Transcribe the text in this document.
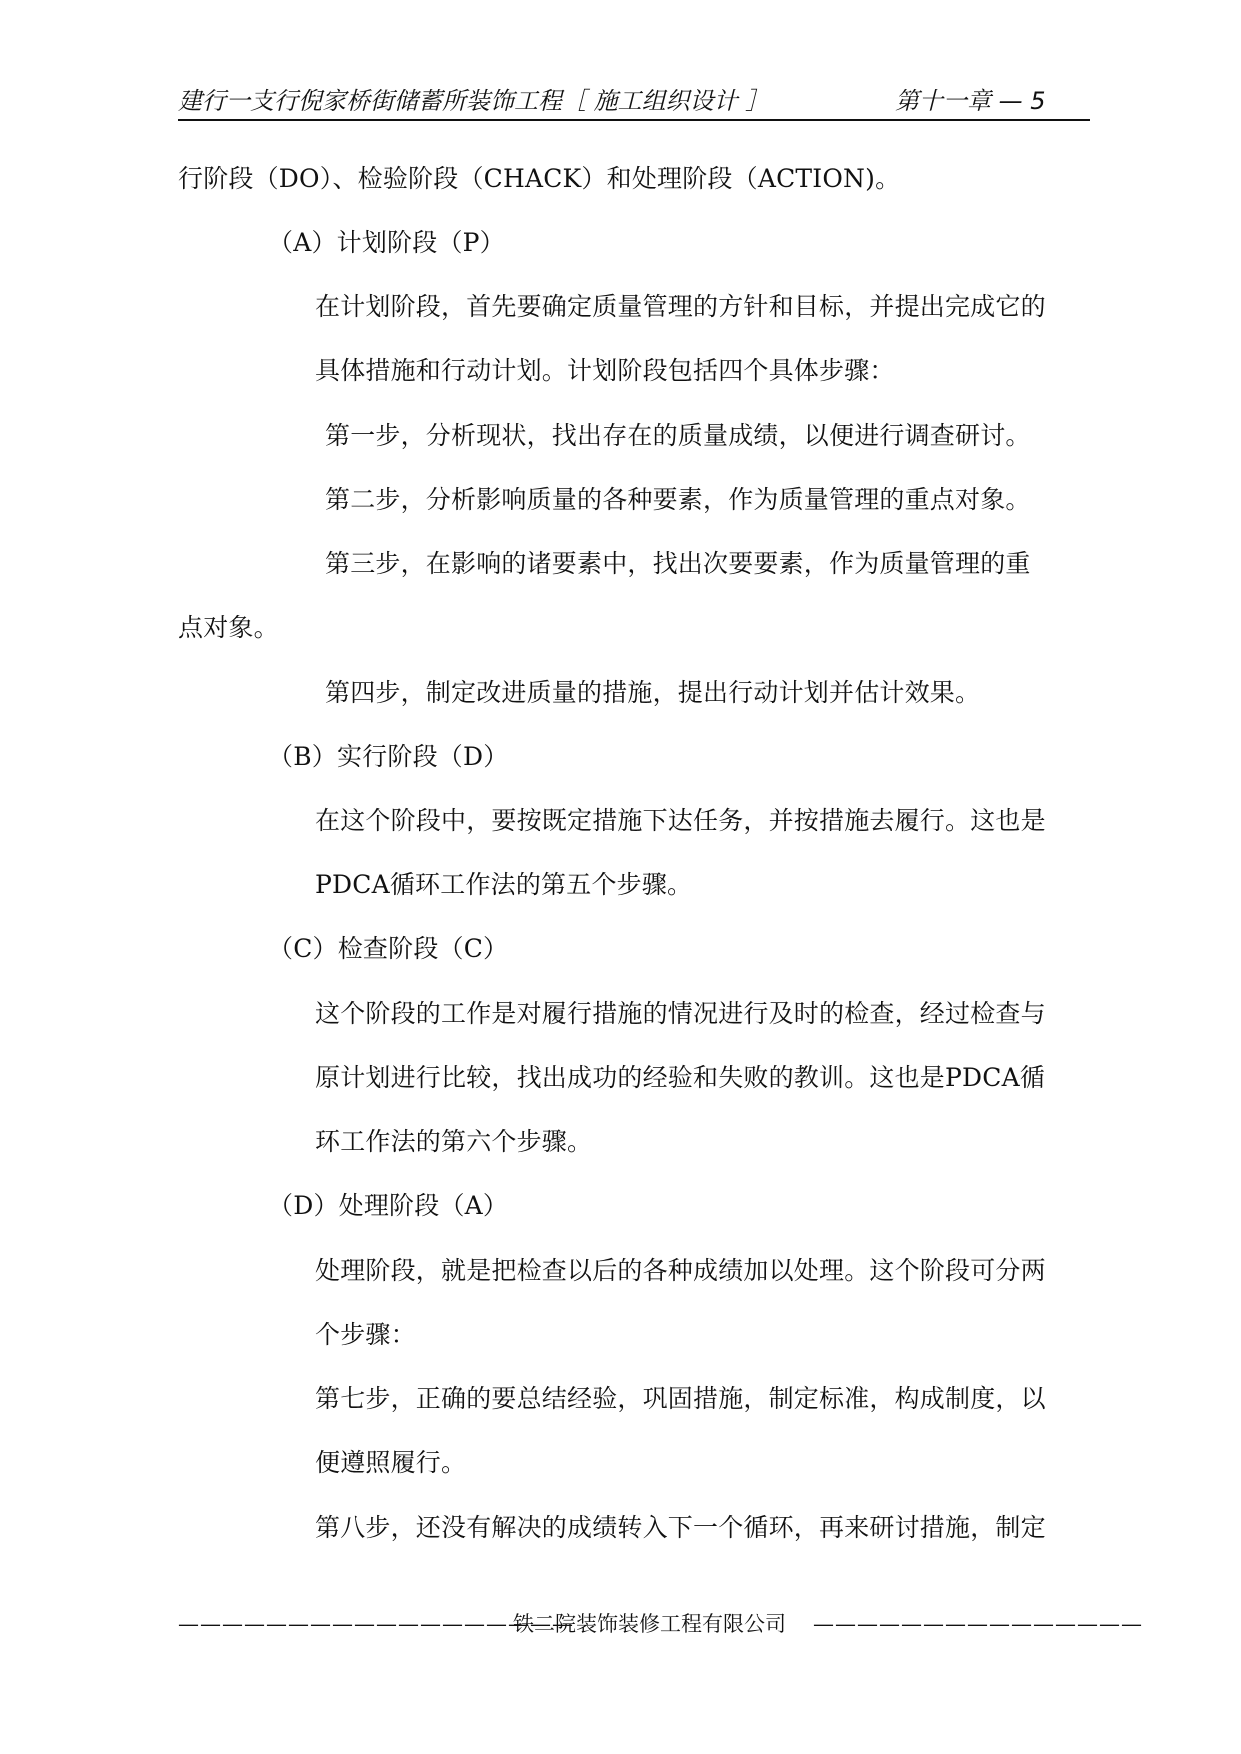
建行一支行倪家桥街储蓄所装饰工程［ 施工组织设计 ］	第十一章 — 5
行阶段（DO）、检验阶段（CHACK）和处理阶段（ACTION)。
（A）计划阶段（P）
在计划阶段，首先要确定质量管理的方针和目标，并提出完成它的
具体措施和行动计划。计划阶段包括四个具体步骤：
第一步，分析现状，找出存在的质量成绩，以便进行调查研讨。
第二步，分析影响质量的各种要素，作为质量管理的重点对象。
第三步，在影响的诸要素中，找出次要要素，作为质量管理的重
点对象。
第四步，制定改进质量的措施，提出行动计划并估计效果。
（B）实行阶段（D）
在这个阶段中，要按既定措施下达任务，并按措施去履行。这也是
PDCA循环工作法的第五个步骤。
（C）检查阶段（C）
这个阶段的工作是对履行措施的情况进行及时的检查，经过检查与
原计划进行比较，找出成功的经验和失败的教训。这也是PDCA循
环工作法的第六个步骤。
（D）处理阶段（A）
处理阶段，就是把检查以后的各种成绩加以处理。这个阶段可分两
个步骤：
第七步，正确的要总结经验，巩固措施，制定标准，构成制度，以
便遵照履行。
第八步，还没有解决的成绩转入下一个循环，再来研讨措施，制定
——————————————————
铁二院装饰装修工程有限公司 ———————————————
